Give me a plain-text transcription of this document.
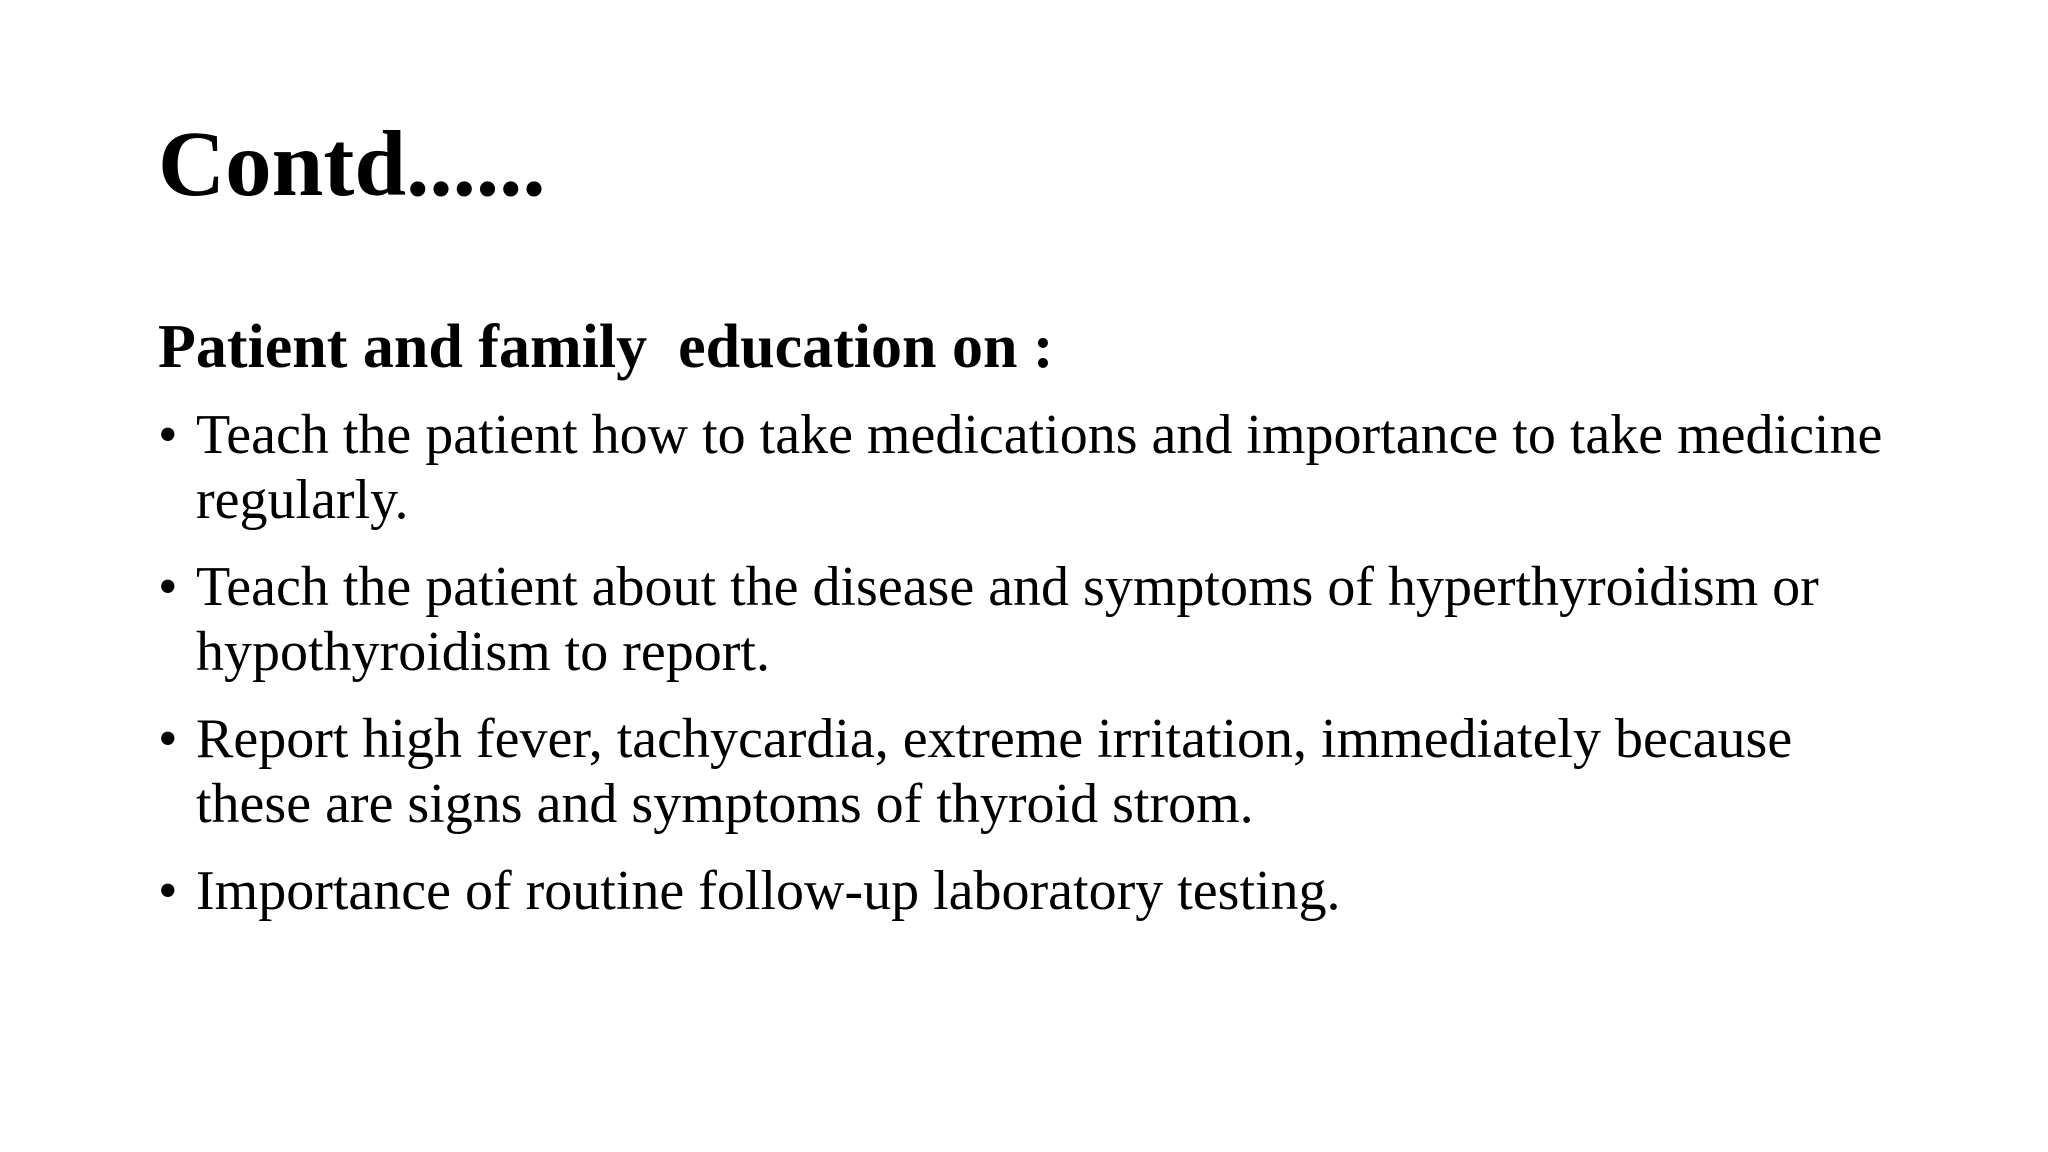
Contd......
Patient and family  education on :
• Teach the patient how to take medications and importance to take medicine regularly.
• Teach the patient about the disease and symptoms of hyperthyroidism or hypothyroidism to report.
• Report high fever, tachycardia, extreme irritation, immediately because these are signs and symptoms of thyroid strom.
• Importance of routine follow-up laboratory testing.
